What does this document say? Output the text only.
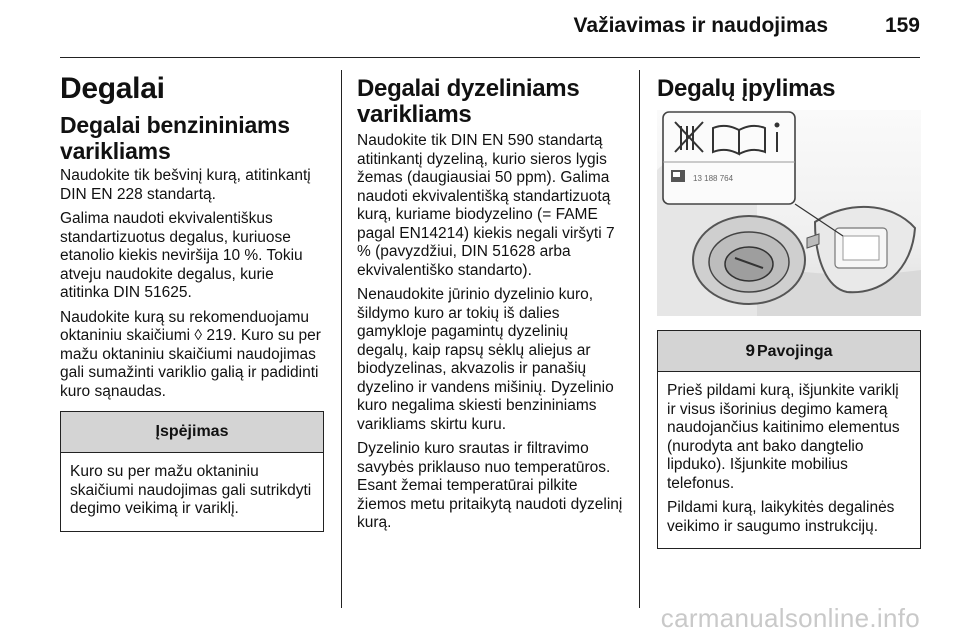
Važiavimas ir naudojimas	159
Degalai
Degalai benzininiams varikliams

Naudokite tik bešvinį kurą, atitinkantį DIN EN 228 standartą.

Galima naudoti ekvivalentiškus standartizuotus degalus, kuriuose etanolio kiekis neviršija 10 %. Tokiu atveju naudokite degalus, kurie atitinka DIN 51625.

Naudokite kurą su rekomenduojamu oktaniniu skaičiumi ◊ 219. Kuro su per mažu oktaniniu skaičiumi naudojimas gali sumažinti variklio galią ir padidinti kuro sąnaudas.

Įspėjimas

Kuro su per mažu oktaniniu skaičiumi naudojimas gali sutrikdyti degimo veikimą ir variklį.

Degalai dyzeliniams varikliams

Naudokite tik DIN EN 590 standartą atitinkantį dyzeliną, kurio sieros lygis žemas (daugiausiai 50 ppm). Galima naudoti ekvivalentišką standartizuotą kurą, kuriame biodyzelino (= FAME pagal EN14214) kiekis negali viršyti 7 % (pavyzdžiui, DIN 51628 arba ekvivalentiško standarto).

Nenaudokite jūrinio dyzelinio kuro, šildymo kuro ar tokių iš dalies gamykloje pagamintų dyzelinių degalų, kaip rapsų sėklų aliejus ar biodyzelinas, akvazolis ir panašių dyzelino ir vandens mišinių. Dyzelinio kuro negalima skiesti benzininiams varikliams skirtu kuru.

Dyzelinio kuro srautas ir filtravimo savybės priklauso nuo temperatūros. Esant žemai temperatūrai pilkite žiemos metu pritaikytą naudoti dyzelinį kurą.

Degalų įpylimas
13 188 764
9 Pavojinga

Prieš pildami kurą, išjunkite variklį ir visus išorinius degimo kamerą naudojančius kaitinimo elementus (nurodyta ant bako dangtelio lipduko). Išjunkite mobilius telefonus.

Pildami kurą, laikykitės degalinės veikimo ir saugumo instrukcijų.

carmanualsonline.info
